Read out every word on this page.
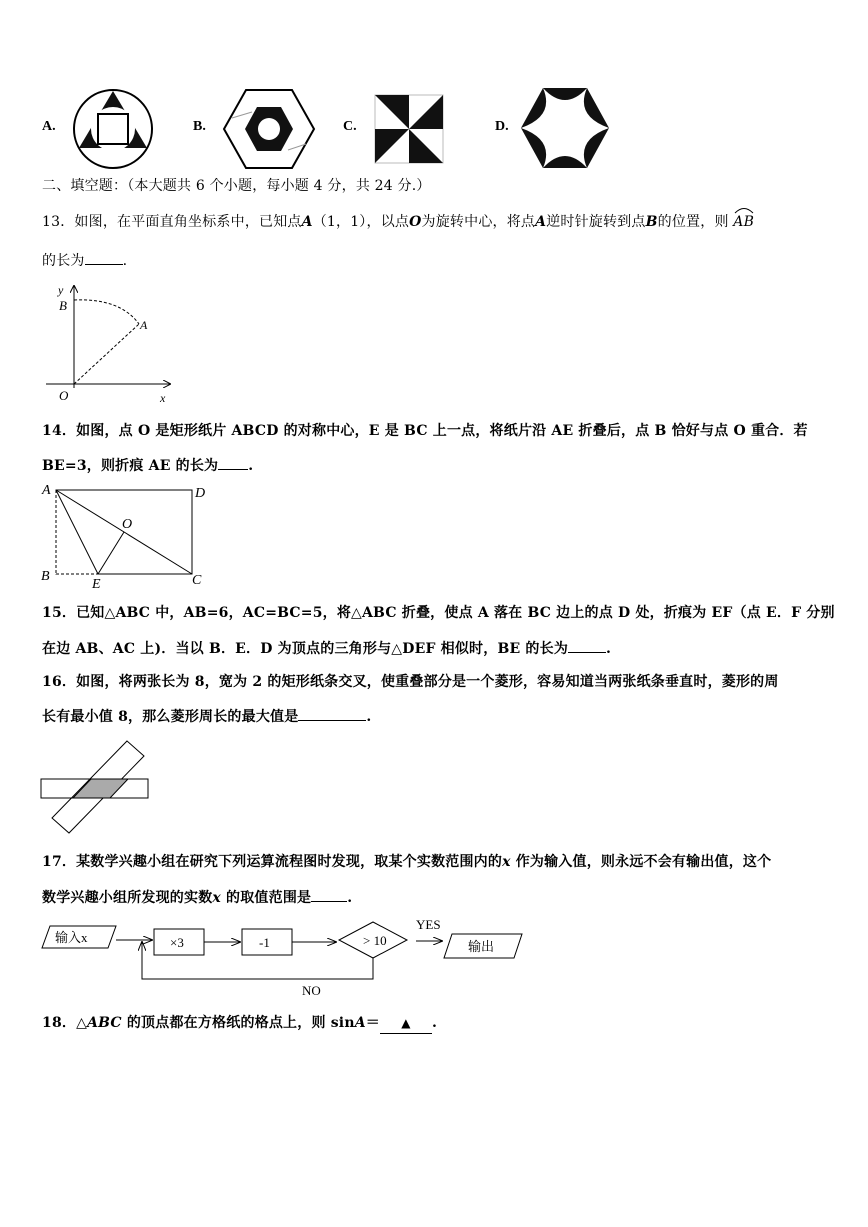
A.	B.	C.	D.
二、填空题：（本大题共 6 个小题，每小题 4 分，共 24 分.）
13．如图，在平面直角坐标系中，已知点A（1，1），以点O为旋转中心，将点A逆时针旋转到点B的位置，则 AB
的长为	.
y
x
O
B
A
14．如图，点 O 是矩形纸片 ABCD 的对称中心，E 是 BC 上一点，将纸片沿 AE 折叠后，点 B 恰好与点 O 重合．若
BE=3，则折痕 AE 的长为 .
A	D
O
B
E	C
15．已知△ABC 中，AB=6，AC=BC=5，将△ABC 折叠，使点 A 落在 BC 边上的点 D 处，折痕为 EF（点 E．F 分别
在边 AB、AC 上)．当以 B．E．D 为顶点的三角形与△DEF 相似时，BE 的长为	.
16．如图，将两张长为 8，宽为 2 的矩形纸条交叉，使重叠部分是一个菱形，容易知道当两张纸条垂直时，菱形的周
长有最小值 8，那么菱形周长的最大值是	.
17．某数学兴趣小组在研究下列运算流程图时发现，取某个实数范围内的x 作为输入值，则永远不会有输出值，这个
数学兴趣小组所发现的实数x 的取值范围是	.
输入x	×3	-1	> 10
YES
输出
NO
18．△ABC 的顶点都在方格纸的格点上，则 sinA＝ ▲ .
